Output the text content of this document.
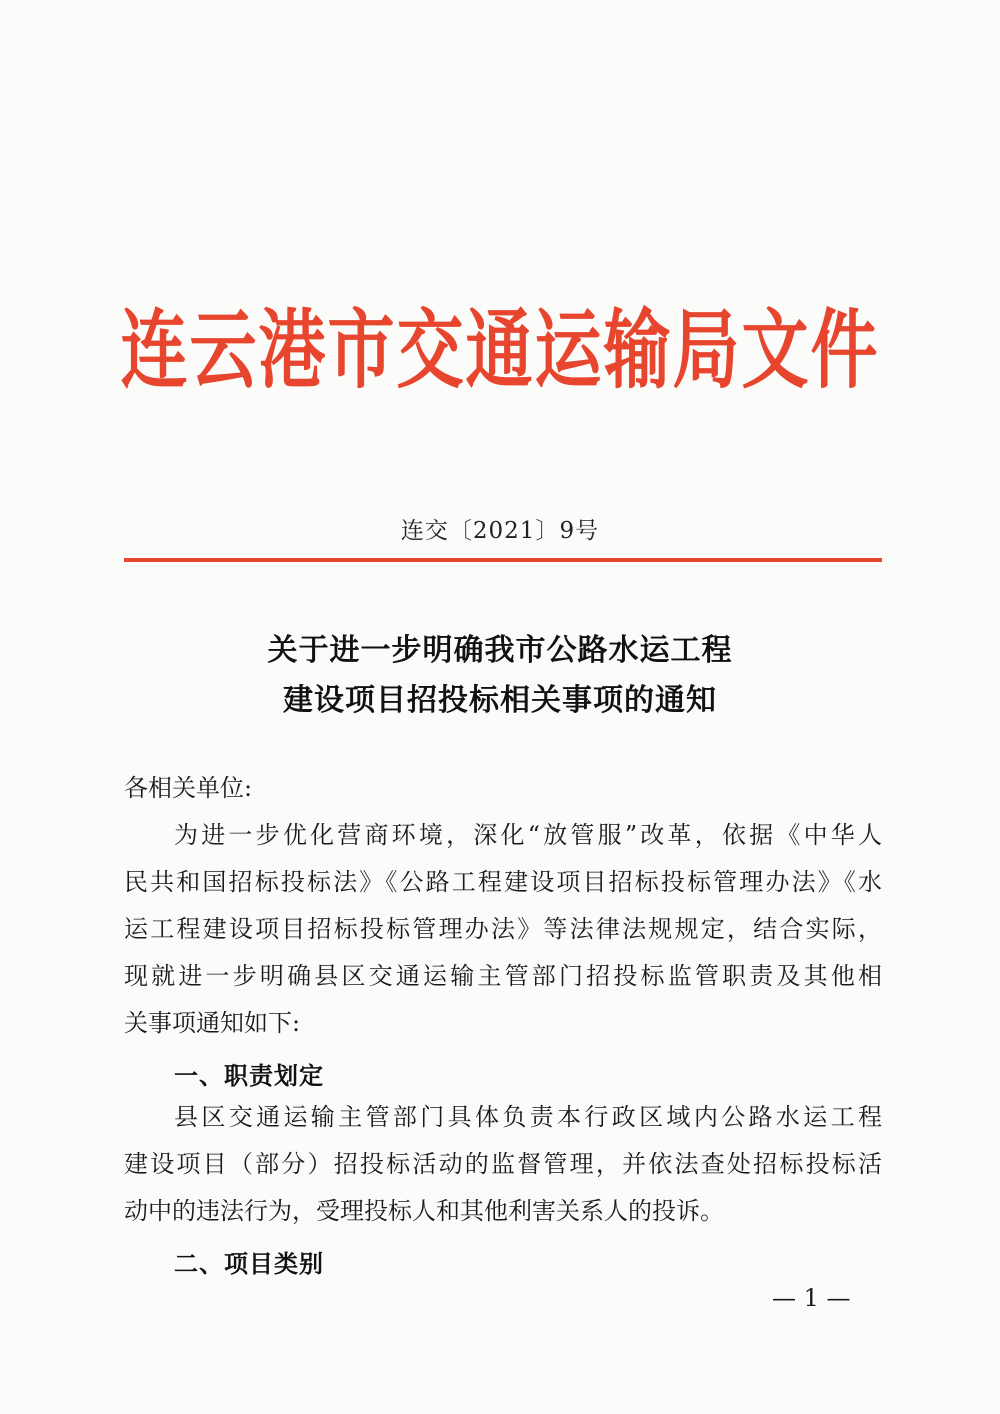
连云港市交通运输局文件
连交〔2021〕9号
关于进一步明确我市公路水运工程
建设项目招投标相关事项的通知
各相关单位:
为进一步优化营商环境，深化“放管服”改革，依据《中华人
民共和国招标投标法》《公路工程建设项目招标投标管理办法》《水
运工程建设项目招标投标管理办法》等法律法规规定，结合实际，
现就进一步明确县区交通运输主管部门招投标监管职责及其他相
关事项通知如下:
一、职责划定
县区交通运输主管部门具体负责本行政区域内公路水运工程
建设项目（部分）招投标活动的监督管理，并依法查处招标投标活
动中的违法行为，受理投标人和其他利害关系人的投诉。
二、项目类别
— 1 —
